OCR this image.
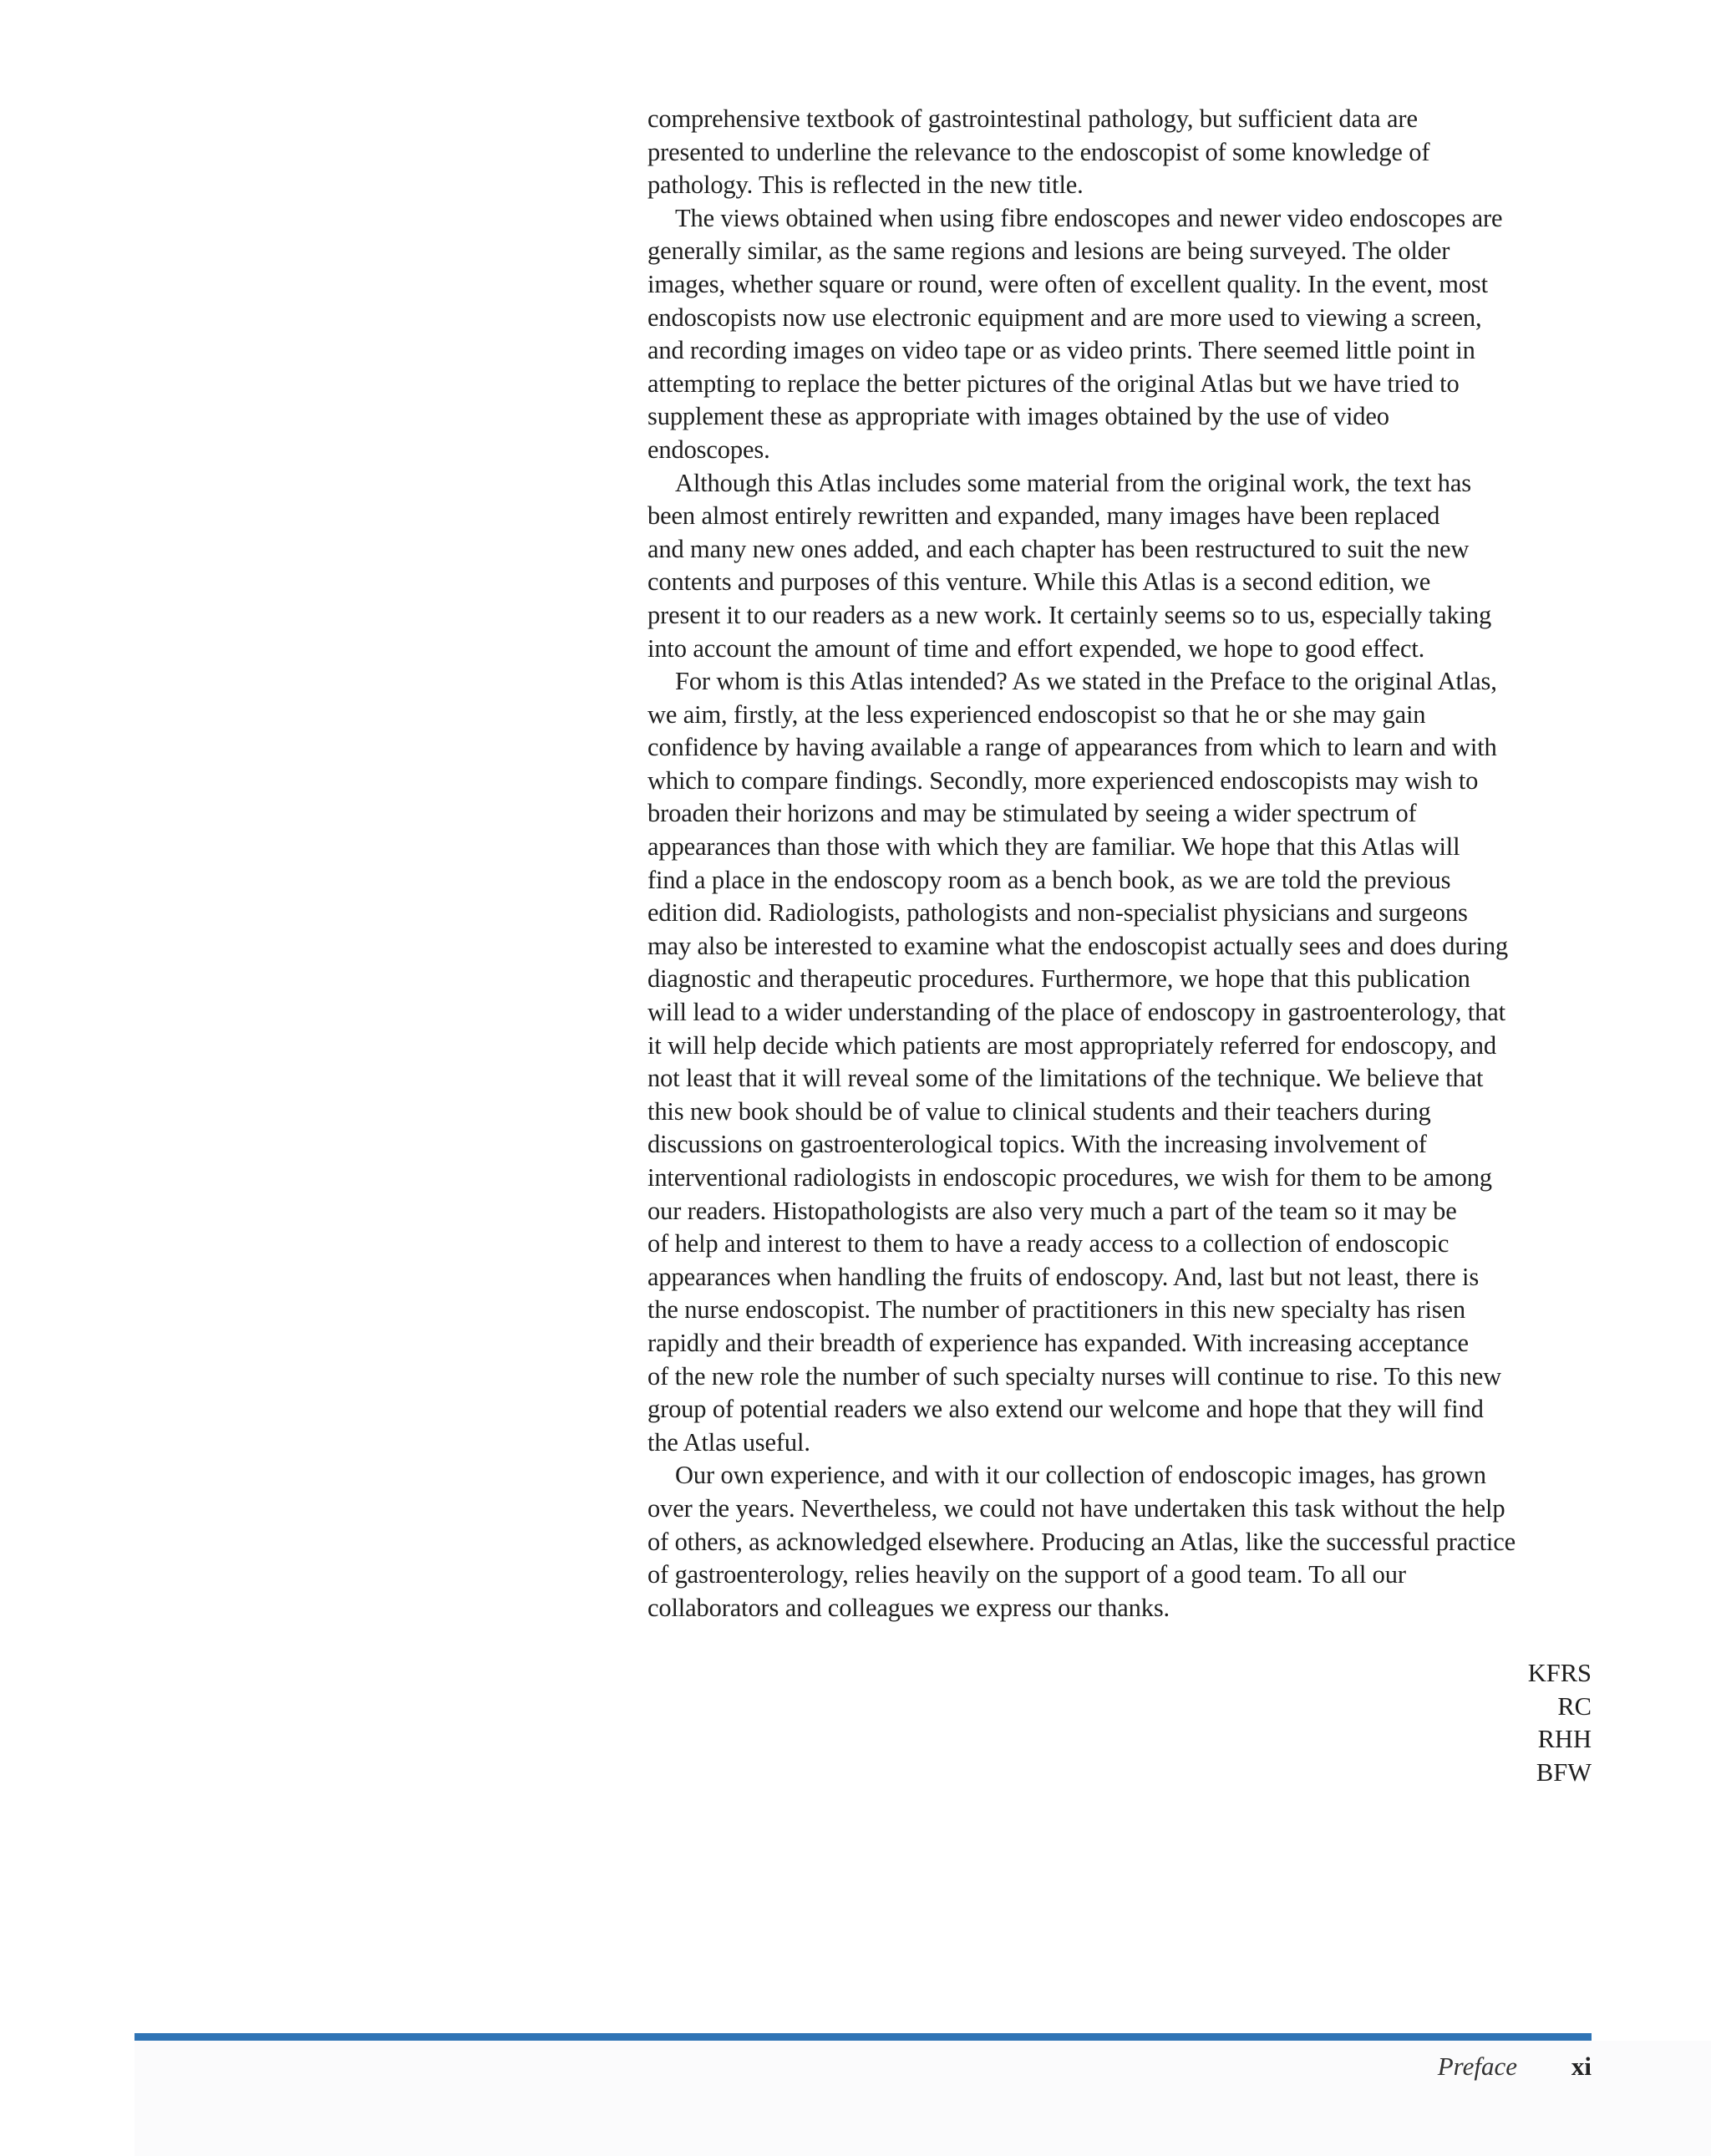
comprehensive textbook of gastrointestinal pathology, but sufficient data are
presented to underline the relevance to the endoscopist of some knowledge of
pathology. This is reflected in the new title.
The views obtained when using fibre endoscopes and newer video endoscopes are
generally similar, as the same regions and lesions are being surveyed. The older
images, whether square or round, were often of excellent quality. In the event, most
endoscopists now use electronic equipment and are more used to viewing a screen,
and recording images on video tape or as video prints. There seemed little point in
attempting to replace the better pictures of the original Atlas but we have tried to
supplement these as appropriate with images obtained by the use of video
endoscopes.
Although this Atlas includes some material from the original work, the text has
been almost entirely rewritten and expanded, many images have been replaced
and many new ones added, and each chapter has been restructured to suit the new
contents and purposes of this venture. While this Atlas is a second edition, we
present it to our readers as a new work. It certainly seems so to us, especially taking
into account the amount of time and effort expended, we hope to good effect.
For whom is this Atlas intended? As we stated in the Preface to the original Atlas,
we aim, firstly, at the less experienced endoscopist so that he or she may gain
confidence by having available a range of appearances from which to learn and with
which to compare findings. Secondly, more experienced endoscopists may wish to
broaden their horizons and may be stimulated by seeing a wider spectrum of
appearances than those with which they are familiar. We hope that this Atlas will
find a place in the endoscopy room as a bench book, as we are told the previous
edition did. Radiologists, pathologists and non-specialist physicians and surgeons
may also be interested to examine what the endoscopist actually sees and does during
diagnostic and therapeutic procedures. Furthermore, we hope that this publication
will lead to a wider understanding of the place of endoscopy in gastroenterology, that
it will help decide which patients are most appropriately referred for endoscopy, and
not least that it will reveal some of the limitations of the technique. We believe that
this new book should be of value to clinical students and their teachers during
discussions on gastroenterological topics. With the increasing involvement of
interventional radiologists in endoscopic procedures, we wish for them to be among
our readers. Histopathologists are also very much a part of the team so it may be
of help and interest to them to have a ready access to a collection of endoscopic
appearances when handling the fruits of endoscopy. And, last but not least, there is
the nurse endoscopist. The number of practitioners in this new specialty has risen
rapidly and their breadth of experience has expanded. With increasing acceptance
of the new role the number of such specialty nurses will continue to rise. To this new
group of potential readers we also extend our welcome and hope that they will find
the Atlas useful.
Our own experience, and with it our collection of endoscopic images, has grown
over the years. Nevertheless, we could not have undertaken this task without the help
of others, as acknowledged elsewhere. Producing an Atlas, like the successful practice
of gastroenterology, relies heavily on the support of a good team. To all our
collaborators and colleagues we express our thanks.
KFRS
RC
RHH
BFW
Preface xi
